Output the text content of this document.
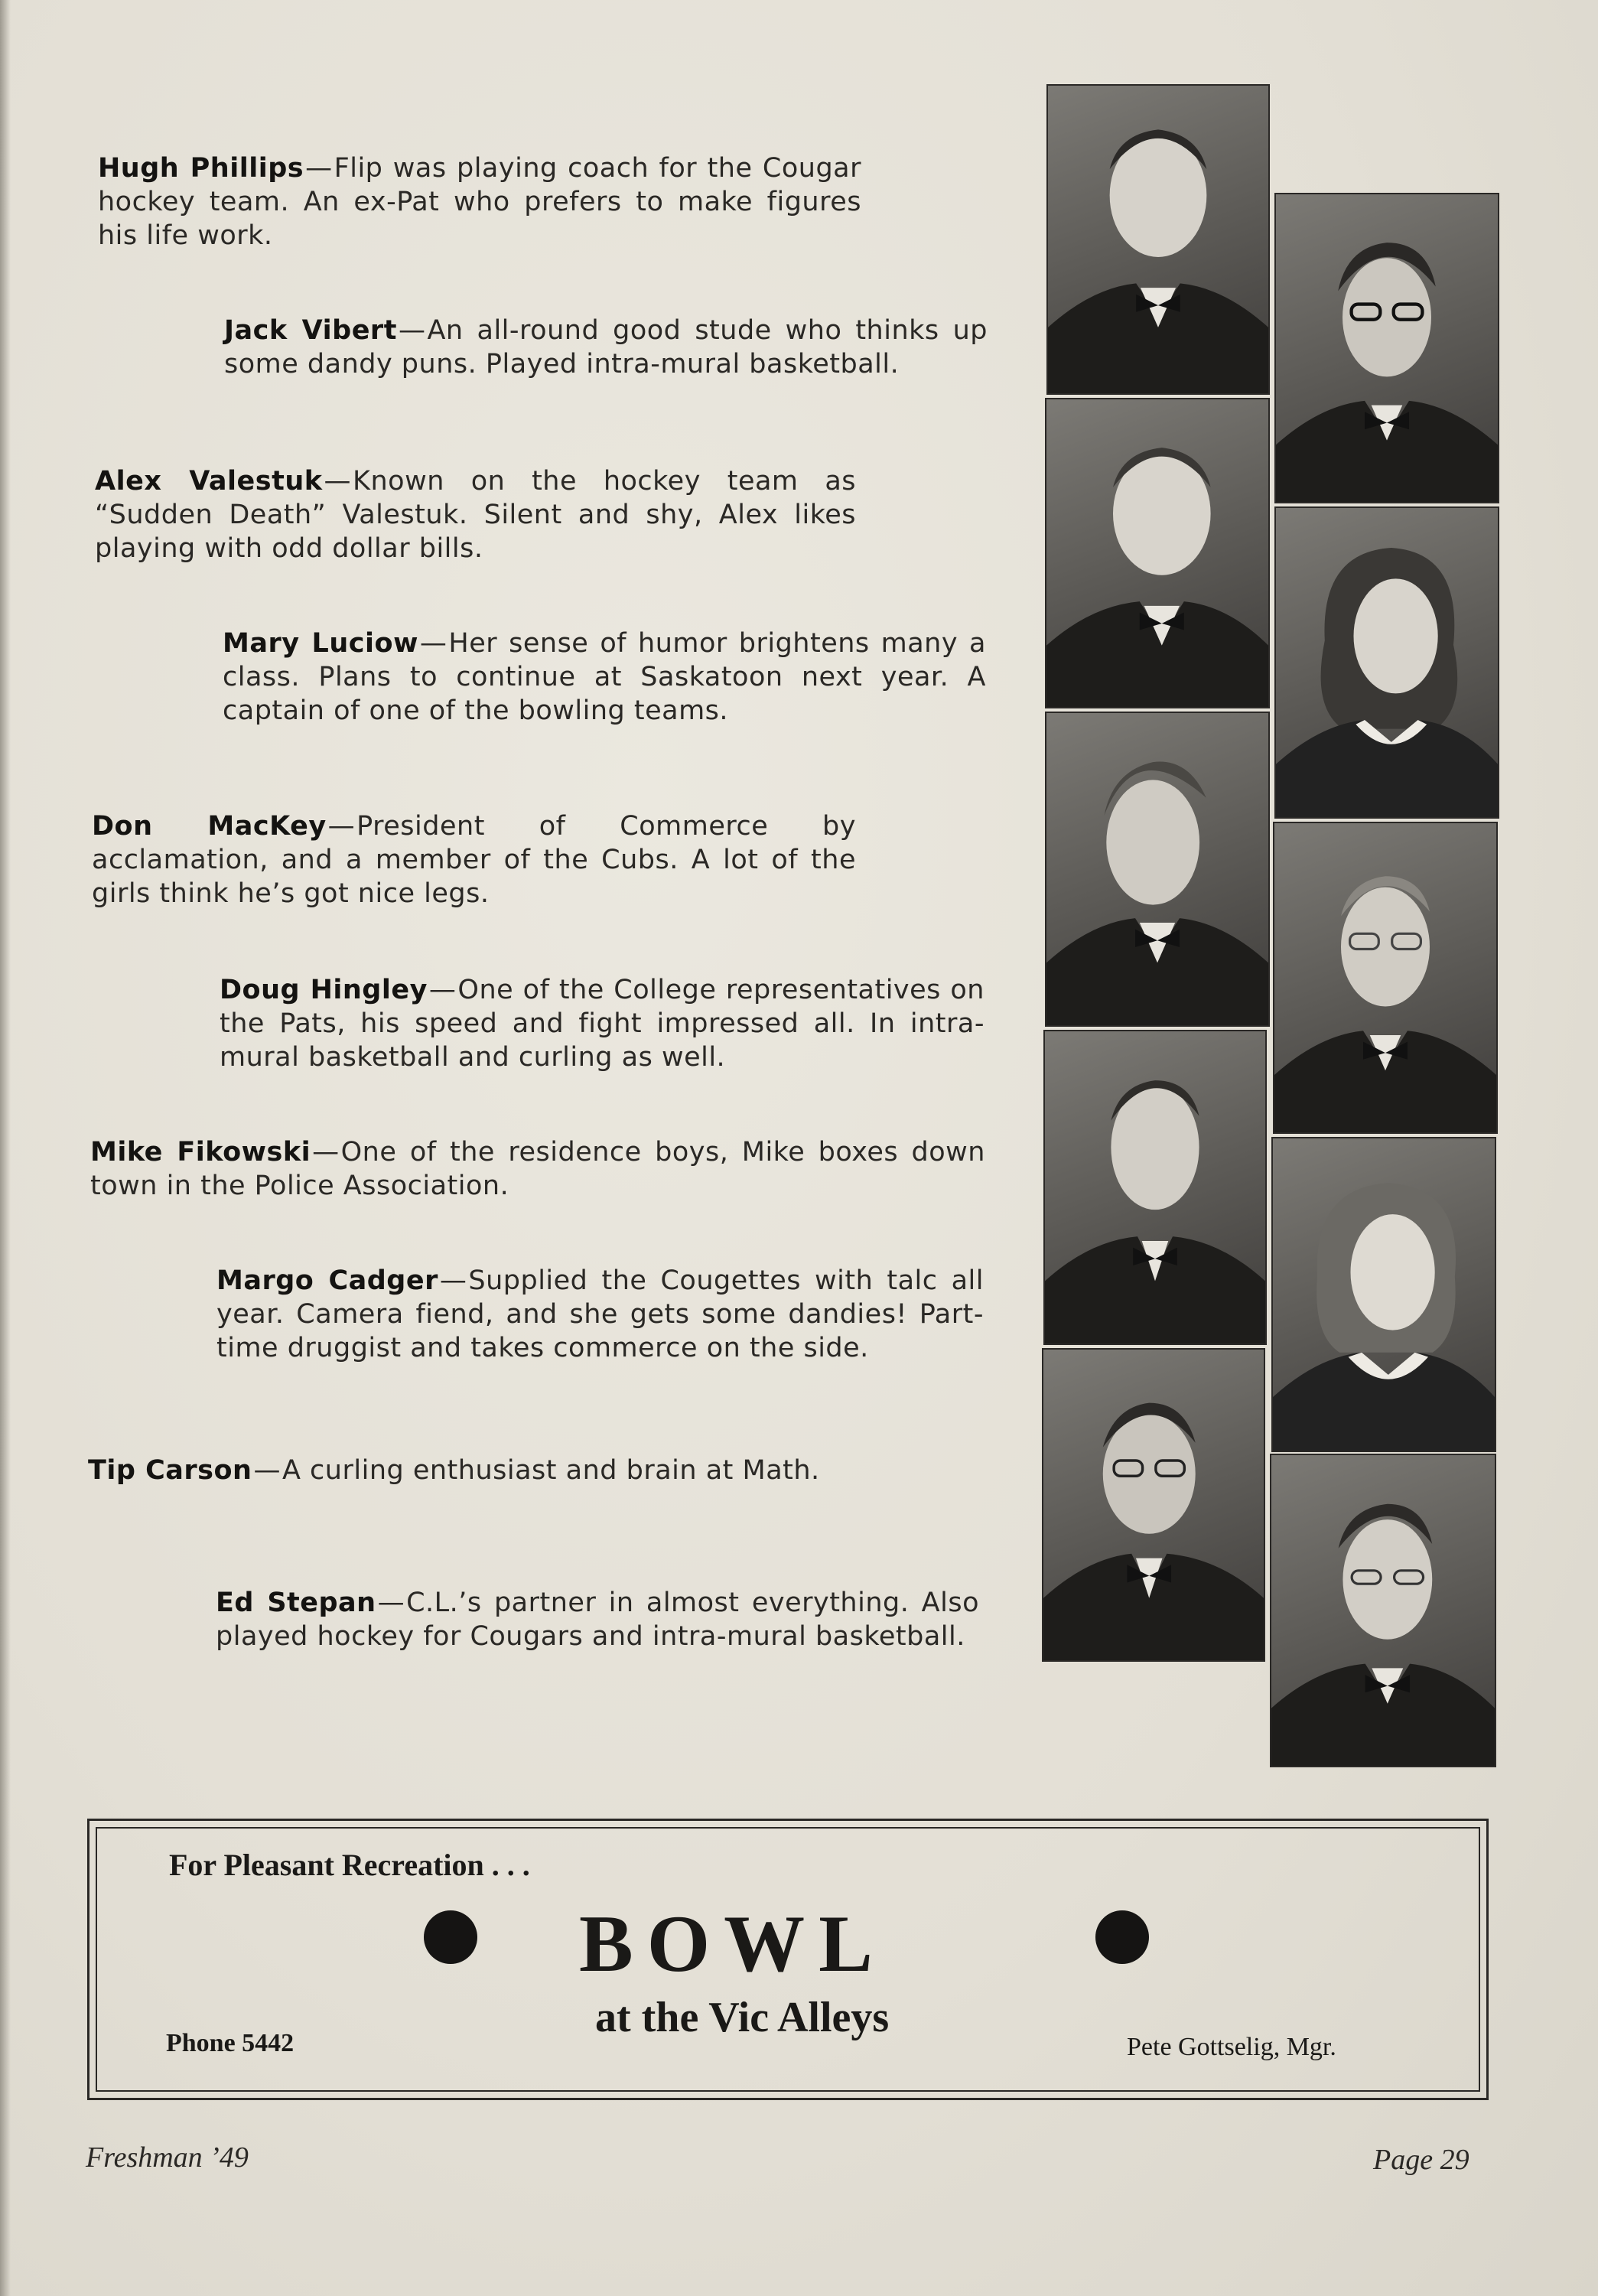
Hugh Phillips—Flip was playing coach for the Cougar hockey team. An ex-Pat who prefers to make figures his life work.
Jack Vibert—An all-round good stude who thinks up some dandy puns. Played intra-mural basketball.
Alex Valestuk—Known on the hockey team as “Sudden Death” Valestuk. Silent and shy, Alex likes playing with odd dollar bills.
Mary Luciow—Her sense of humor brightens many a class. Plans to continue at Saskatoon next year. A captain of one of the bowling teams.
Don MacKey—President of Commerce by acclamation, and a member of the Cubs. A lot of the girls think he’s got nice legs.
Doug Hingley—One of the College representatives on the Pats, his speed and fight impressed all. In intra-mural basketball and curling as well.
Mike Fikowski—One of the residence boys, Mike boxes down town in the Police Association.
Margo Cadger—Supplied the Cougettes with talc all year. Camera fiend, and she gets some dandies! Part-time druggist and takes commerce on the side.
Tip Carson—A curling enthusiast and brain at Math.
Ed Stepan—C.L.’s partner in almost everything. Also played hockey for Cougars and intra-mural basketball.
For Pleasant Recreation . . .
BOWL
at the Vic Alleys
Phone 5442	Pete Gottselig, Mgr.
Freshman ’49	Page 29
